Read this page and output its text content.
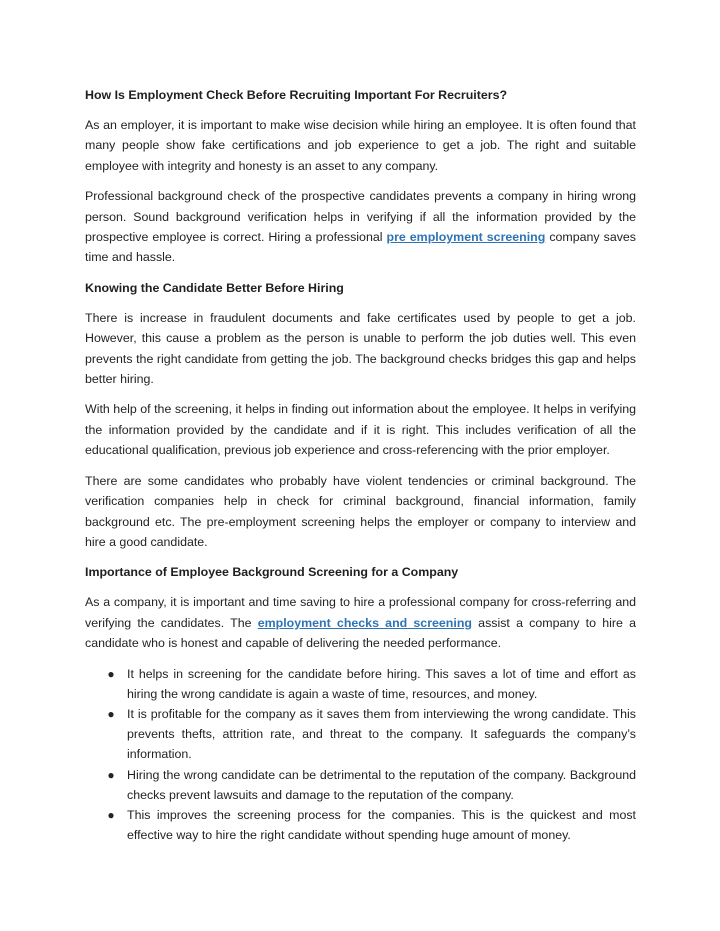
How Is Employment Check Before Recruiting Important For Recruiters?

As an employer, it is important to make wise decision while hiring an employee. It is often found that many people show fake certifications and job experience to get a job. The right and suitable employee with integrity and honesty is an asset to any company.

Professional background check of the prospective candidates prevents a company in hiring wrong person. Sound background verification helps in verifying if all the information provided by the prospective employee is correct. Hiring a professional pre employment screening company saves time and hassle.

Knowing the Candidate Better Before Hiring

There is increase in fraudulent documents and fake certificates used by people to get a job. However, this cause a problem as the person is unable to perform the job duties well. This even prevents the right candidate from getting the job. The background checks bridges this gap and helps better hiring.

With help of the screening, it helps in finding out information about the employee. It helps in verifying the information provided by the candidate and if it is right. This includes verification of all the educational qualification, previous job experience and cross-referencing with the prior employer.

There are some candidates who probably have violent tendencies or criminal background. The verification companies help in check for criminal background, financial information, family background etc. The pre-employment screening helps the employer or company to interview and hire a good candidate.

Importance of Employee Background Screening for a Company

As a company, it is important and time saving to hire a professional company for cross-referring and verifying the candidates. The employment checks and screening assist a company to hire a candidate who is honest and capable of delivering the needed performance.

● It helps in screening for the candidate before hiring. This saves a lot of time and effort as hiring the wrong candidate is again a waste of time, resources, and money.
● It is profitable for the company as it saves them from interviewing the wrong candidate. This prevents thefts, attrition rate, and threat to the company. It safeguards the company’s information.
● Hiring the wrong candidate can be detrimental to the reputation of the company. Background checks prevent lawsuits and damage to the reputation of the company.
● This improves the screening process for the companies. This is the quickest and most effective way to hire the right candidate without spending huge amount of money.
